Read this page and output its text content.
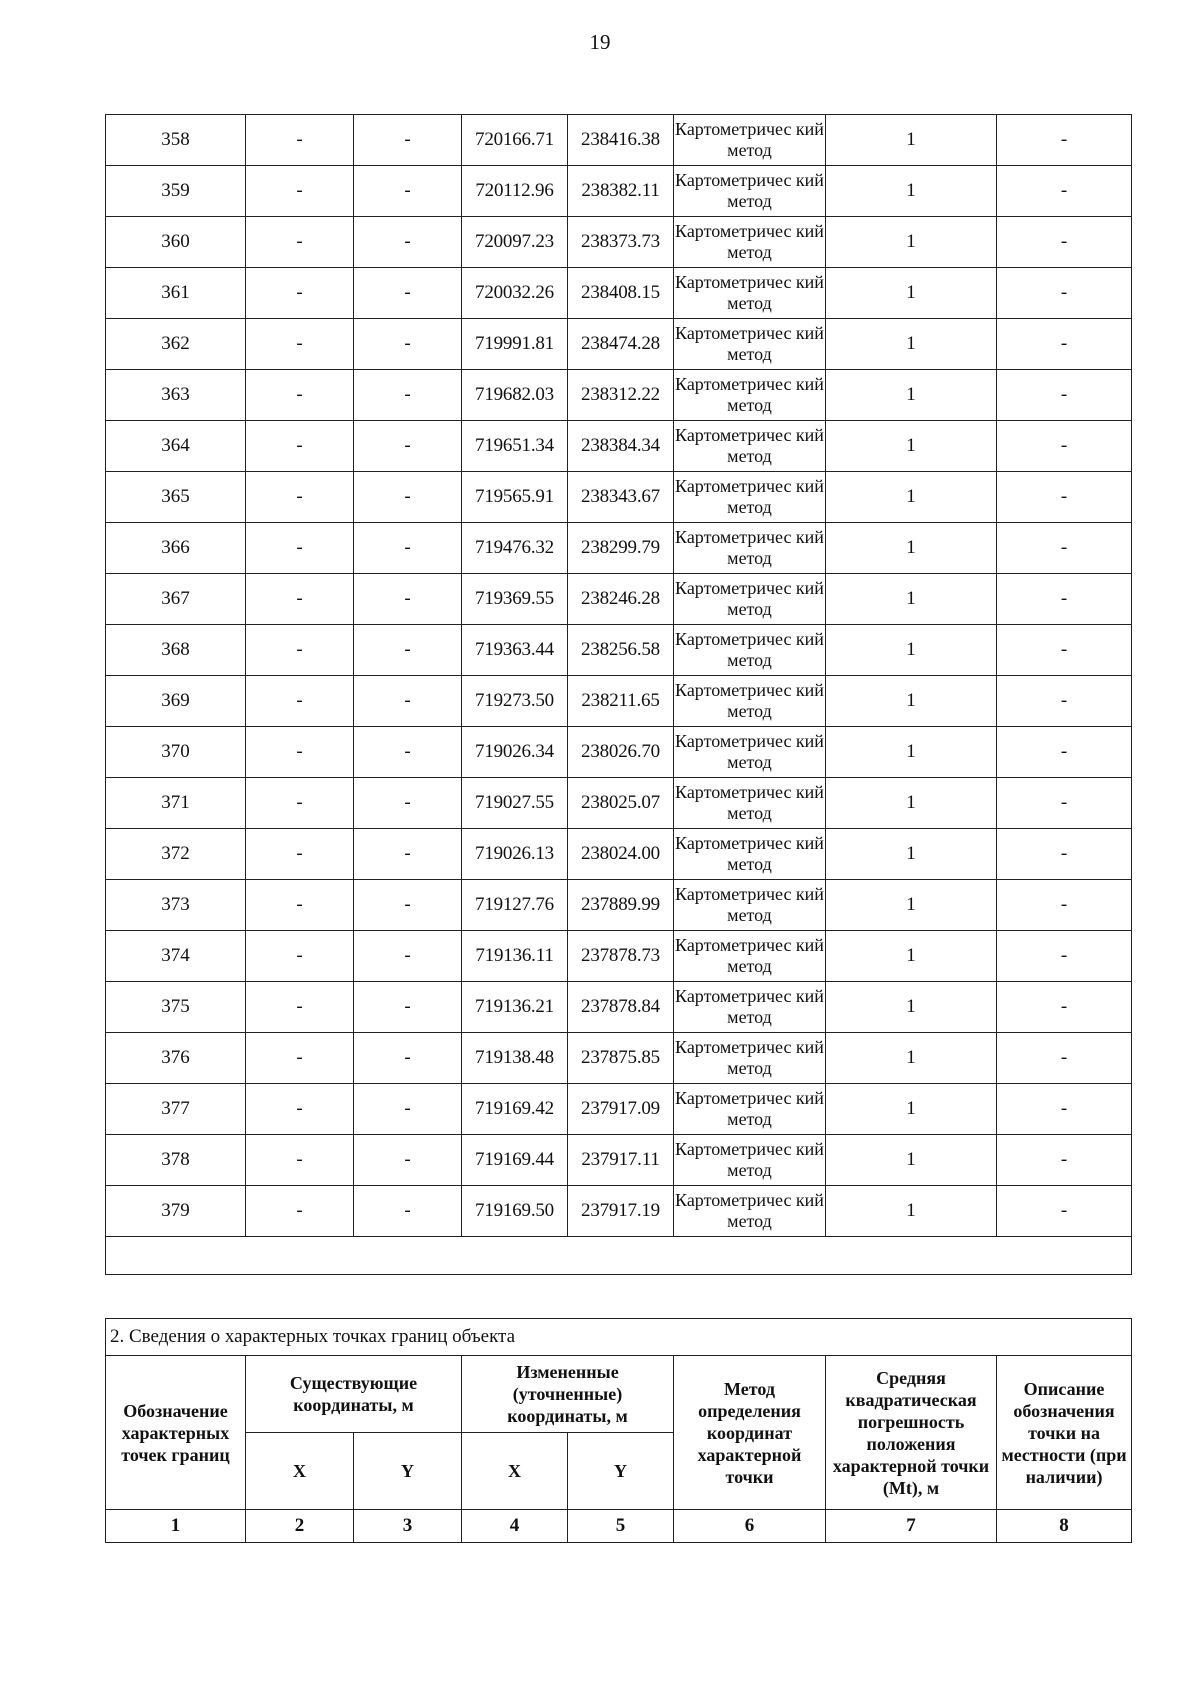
19
358	-	-	720166.71	238416.38	Картометричес кий метод	1	-
359	-	-	720112.96	238382.11	Картометричес кий метод	1	-
360	-	-	720097.23	238373.73	Картометричес кий метод	1	-
361	-	-	720032.26	238408.15	Картометричес кий метод	1	-
362	-	-	719991.81	238474.28	Картометричес кий метод	1	-
363	-	-	719682.03	238312.22	Картометричес кий метод	1	-
364	-	-	719651.34	238384.34	Картометричес кий метод	1	-
365	-	-	719565.91	238343.67	Картометричес кий метод	1	-
366	-	-	719476.32	238299.79	Картометричес кий метод	1	-
367	-	-	719369.55	238246.28	Картометричес кий метод	1	-
368	-	-	719363.44	238256.58	Картометричес кий метод	1	-
369	-	-	719273.50	238211.65	Картометричес кий метод	1	-
370	-	-	719026.34	238026.70	Картометричес кий метод	1	-
371	-	-	719027.55	238025.07	Картометричес кий метод	1	-
372	-	-	719026.13	238024.00	Картометричес кий метод	1	-
373	-	-	719127.76	237889.99	Картометричес кий метод	1	-
374	-	-	719136.11	237878.73	Картометричес кий метод	1	-
375	-	-	719136.21	237878.84	Картометричес кий метод	1	-
376	-	-	719138.48	237875.85	Картометричес кий метод	1	-
377	-	-	719169.42	237917.09	Картометричес кий метод	1	-
378	-	-	719169.44	237917.11	Картометричес кий метод	1	-
379	-	-	719169.50	237917.19	Картометричес кий метод	1	-

2. Сведения о характерных точках границ объекта							
Обозначение характерных точек границ	Существующие координаты, м		Измененные (уточненные) координаты, м		Метод определения координат характерной точки	Средняя квадратическая погрешность положения характерной точки (Mt), м	Описание обозначения точки на местности (при наличии)
	X	Y	X	Y			
1	2	3	4	5	6	7	8
